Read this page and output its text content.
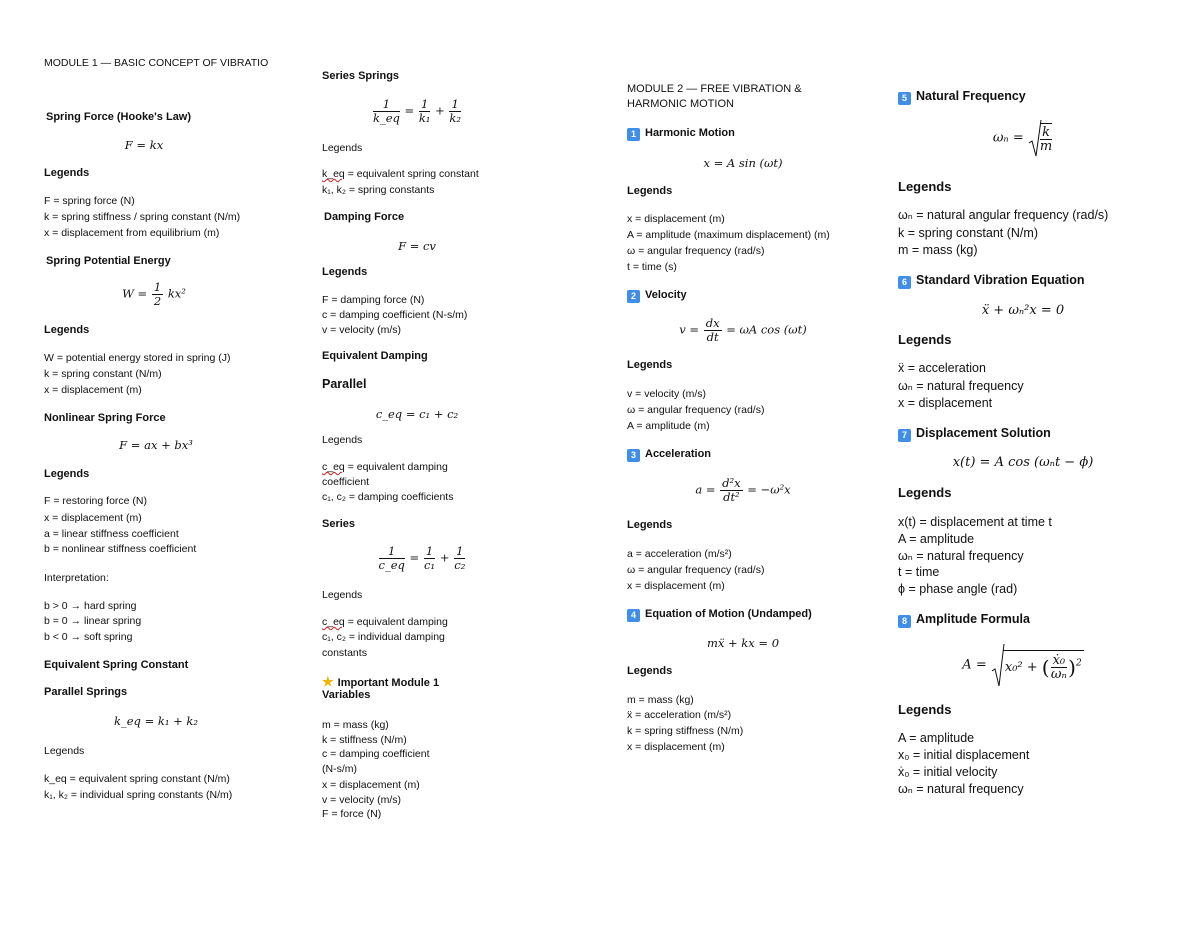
MODULE 1 — BASIC CONCEPT OF VIBRATIO
Spring Force (Hooke's Law)
F = kx
Legends
F = spring force (N)
k = spring stiffness / spring constant (N/m)
x = displacement from equilibrium (m)
Spring Potential Energy
$W = \frac{1}{2} kx^2$
Legends
W = potential energy stored in spring (J)
k = spring constant (N/m)
x = displacement (m)
Nonlinear Spring Force
F = ax + bx³
Legends
F = restoring force (N)
x = displacement (m)
a = linear stiffness coefficient
b = nonlinear stiffness coefficient
Interpretation:
b > 0 → hard spring
b = 0 → linear spring
b < 0 → soft spring
Equivalent Spring Constant
Parallel Springs
k_eq = k₁ + k₂
Legends
k_eq = equivalent spring constant (N/m)
k₁, k₂ = individual spring constants (N/m)
Series Springs
$\frac{1}{k\_eq} = \frac{1}{\text{k₁}} + \frac{1}{\text{k₂}}$
Legends
k_eq = equivalent spring constant
k₁, k₂ = spring constants
Damping Force
F = cv
Legends
F = damping force (N)
c = damping coefficient (N-s/m)
v = velocity (m/s)
Equivalent Damping
Parallel
c_eq = c₁ + c₂
Legends
c_eq = equivalent damping
coefficient
c₁, c₂ = damping coefficients
Series
$\frac{1}{c\_eq} = \frac{1}{\text{c₁}} + \frac{1}{\text{c₂}}$
Legends
c_eq = equivalent damping
c₁, c₂ = individual damping
constants
★ Important Module 1
Variables
m = mass (kg)
k = stiffness (N/m)
c = damping coefficient
(N-s/m)
x = displacement (m)
v = velocity (m/s)
F = force (N)
MODULE 2 — FREE VIBRATION &
HARMONIC MOTION
1 Harmonic Motion
x = A sin (ωt)
Legends
x = displacement (m)
A = amplitude (maximum displacement) (m)
ω = angular frequency (rad/s)
t = time (s)
2 Velocity
$v = \frac{dx}{dt} = \omega A$ cos (ωt)
Legends
v = velocity (m/s)
ω = angular frequency (rad/s)
A = amplitude (m)
3 Acceleration
$a = \frac{\text{d²x}}{\text{dt²}} = -\omega^2x$
Legends
a = acceleration (m/s²)
ω = angular frequency (rad/s)
x = displacement (m)
4 Equation of Motion (Undamped)
mẍ + kx = 0
Legends
m = mass (kg)
ẍ = acceleration (m/s²)
k = spring stiffness (N/m)
x = displacement (m)
5 Natural Frequency
$\omega_n = \frac{k}{m}$
Legends
ωₙ = natural angular frequency (rad/s)
k = spring constant (N/m)
m = mass (kg)
6 Standard Vibration Equation
ẍ + ωₙ²x = 0
Legends
ẍ = acceleration
ωₙ = natural frequency
x = displacement
7 Displacement Solution
x(t) = A cos (ωₙt − ϕ)
Legends
x(t) = displacement at time t
A = amplitude
ωₙ = natural frequency
t = time
ϕ = phase angle (rad)
8 Amplitude Formula
A = x₀² + ( $\frac{\text{ẋ₀}}{\text{ωₙ}} )^2$
Legends
A = amplitude
x₀ = initial displacement
ẋ₀ = initial velocity
ωₙ = natural frequency
